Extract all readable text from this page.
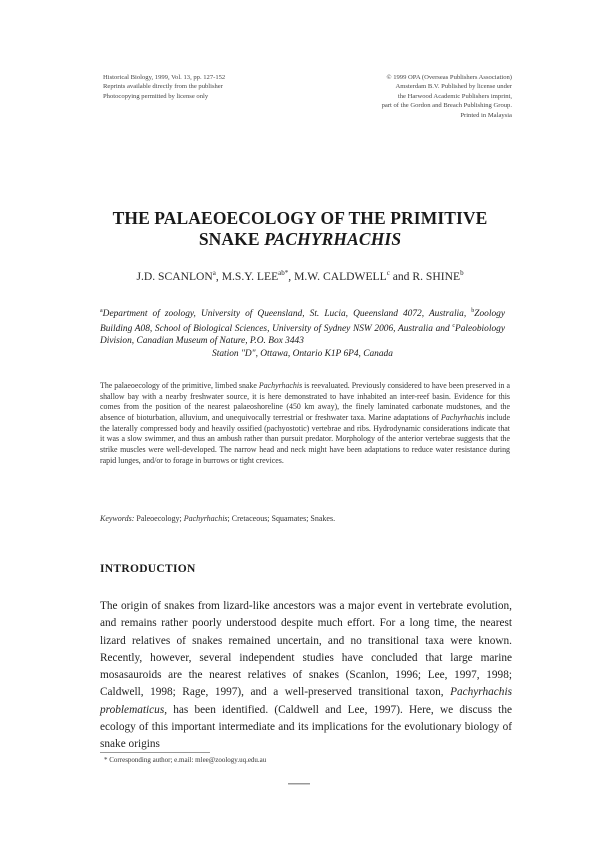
Historical Biology, 1999, Vol. 13, pp. 127-152
Reprints available directly from the publisher
Photocopying permitted by license only
© 1999 OPA (Overseas Publishers Association)
Amsterdam B.V. Published by license under
the Harwood Academic Publishers imprint,
part of the Gordon and Breach Publishing Group.
Printed in Malaysia
THE PALAEOECOLOGY OF THE PRIMITIVE
SNAKE PACHYRHACHIS
J.D. SCANLON$^a$, M.S.Y. $LEE^{ab*}$, M.W. CALDWELL$^c$ and R. SHINE$^b$
$^a$Department of zoology, University of Queensland, St. Lucia, Queensland 4072, Australia, $^b$Zoology Building A08, School of Biological Sciences, University of Sydney NSW 2006, Australia and $^c$Paleobiology Division, Canadian Museum of Nature, P.O. Box 3443
Station "D", Ottawa, Ontario K1P 6P4, Canada
The palaeoecology of the primitive, limbed snake Pachyrhachis is reevaluated. Previously considered to have been preserved in a shallow bay with a nearby freshwater source, it is here demonstrated to have inhabited an inter-reef basin. Evidence for this comes from the position of the nearest palaeoshoreline (450 km away), the finely laminated carbonate mudstones, and the absence of bioturbation, alluvium, and unequivocally terrestrial or freshwater taxa. Marine adaptations of Pachyrhachis include the laterally compressed body and heavily ossified (pachyostotic) vertebrae and ribs. Hydrodynamic considerations indicate that it was a slow swimmer, and thus an ambush rather than pursuit predator. Morphology of the anterior vertebrae suggests that the strike muscles were well-developed. The narrow head and neck might have been adaptations to reduce water resistance during rapid lunges, and/or to forage in burrows or tight crevices.
Keywords: Paleoecology; Pachyrhachis; Cretaceous; Squamates; Snakes.
INTRODUCTION
The origin of snakes from lizard-like ancestors was a major event in vertebrate evolution, and remains rather poorly understood despite much effort. For a long time, the nearest lizard relatives of snakes remained uncertain, and no transitional taxa were known. Recently, however, several independent studies have concluded that large marine mosasauroids are the nearest relatives of snakes (Scanlon, 1996; Lee, 1997, 1998; Caldwell, 1998; Rage, 1997), and a well-preserved transitional taxon, Pachyrhachis problematicus, has been identified. (Caldwell and Lee, 1997). Here, we discuss the ecology of this important intermediate and its implications for the evolutionary biology of snake origins
* Corresponding author; e.mail: mlee@zoology.uq.edu.au
